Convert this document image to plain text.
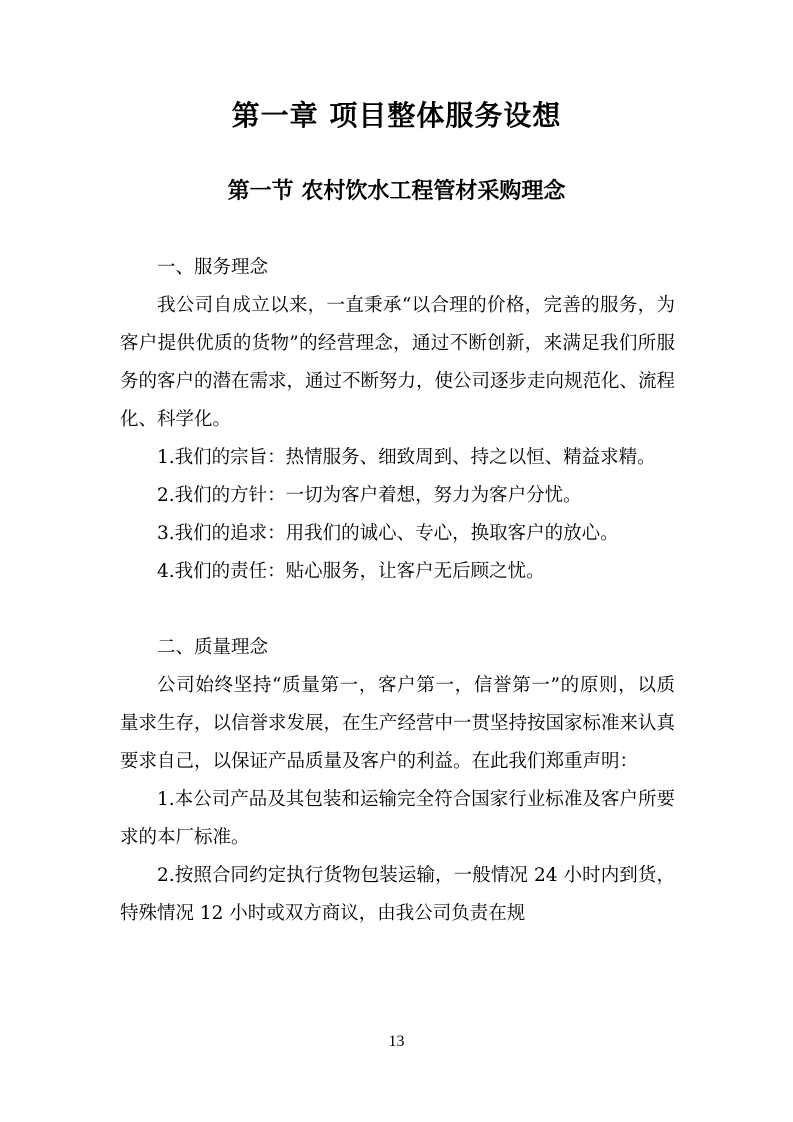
第一章 项目整体服务设想
第一节 农村饮水工程管材采购理念

一、服务理念

我公司自成立以来，一直秉承“以合理的价格，完善的服务，为客户提供优质的货物”的经营理念，通过不断创新，来满足我们所服务的客户的潜在需求，通过不断努力，使公司逐步走向规范化、流程化、科学化。

1.我们的宗旨：热情服务、细致周到、持之以恒、精益求精。

2.我们的方针：一切为客户着想，努力为客户分忧。

3.我们的追求：用我们的诚心、专心，换取客户的放心。

4.我们的责任：贴心服务，让客户无后顾之忧。

二、质量理念

公司始终坚持“质量第一，客户第一，信誉第一”的原则，以质量求生存，以信誉求发展，在生产经营中一贯坚持按国家标准来认真要求自己，以保证产品质量及客户的利益。在此我们郑重声明：

1.本公司产品及其包装和运输完全符合国家行业标准及客户所要求的本厂标准。

2.按照合同约定执行货物包装运输，一般情况 24 小时内到货，特殊情况 12 小时或双方商议，由我公司负责在规

13
